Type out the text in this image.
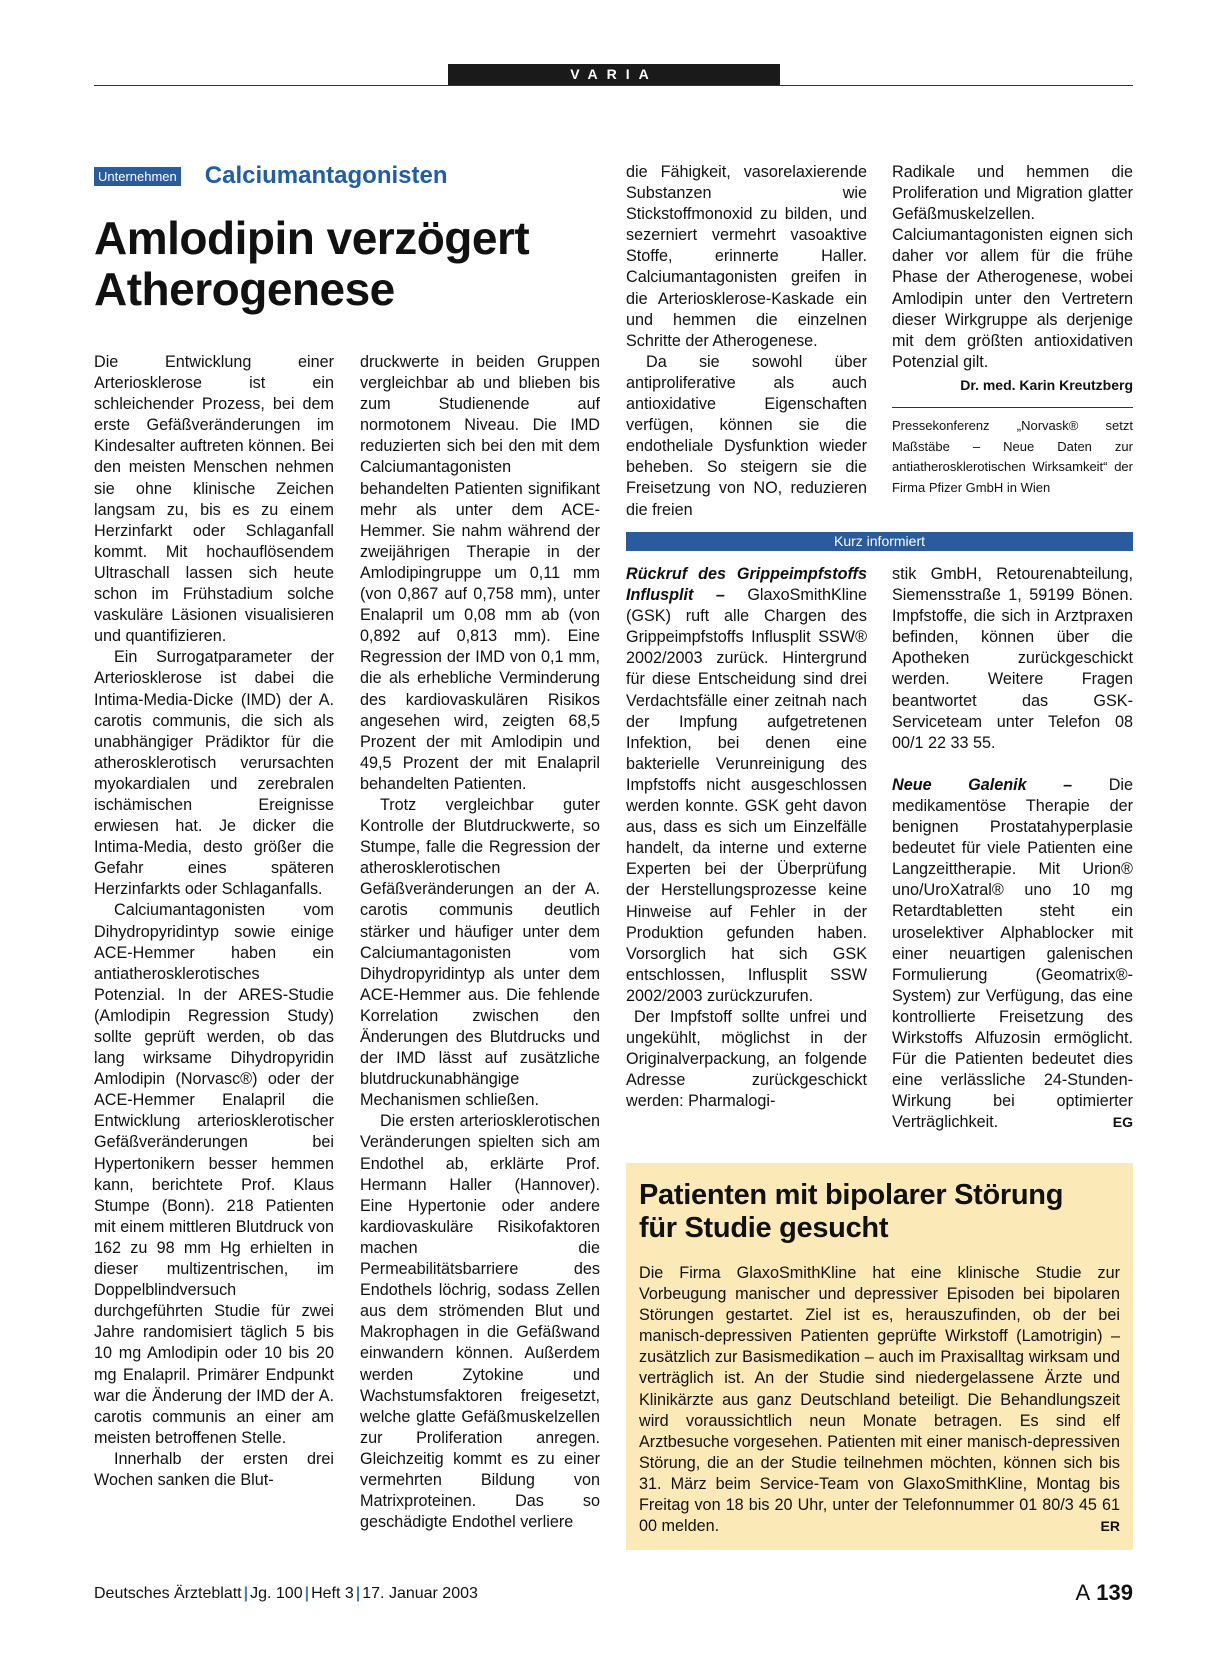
VARIA
Unternehmen Calciumantagonisten
Amlodipin verzögert
Atherogenese

Die Entwicklung einer Arteriosklerose ist ein schleichender Prozess, bei dem erste Gefäßveränderungen im Kindesalter auftreten können. Bei den meisten Menschen nehmen sie ohne klinische Zeichen langsam zu, bis es zu einem Herzinfarkt oder Schlaganfall kommt. Mit hochauflösendem Ultraschall lassen sich heute schon im Frühstadium solche vaskuläre Läsionen visualisieren und quantifizieren.

Ein Surrogatparameter der Arteriosklerose ist dabei die Intima-Media-Dicke (IMD) der A. carotis communis, die sich als unabhängiger Prädiktor für die atherosklerotisch verursachten myokardialen und zerebralen ischämischen Ereignisse erwiesen hat. Je dicker die Intima-Media, desto größer die Gefahr eines späteren Herzinfarkts oder Schlaganfalls.

Calciumantagonisten vom Dihydropyridintyp sowie einige ACE-Hemmer haben ein antiatherosklerotisches Potenzial. In der ARES-Studie (Amlodipin Regression Study) sollte geprüft werden, ob das lang wirksame Dihydropyridin Amlodipin (Norvasc®) oder der ACE-Hemmer Enalapril die Entwicklung arteriosklerotischer Gefäßveränderungen bei Hypertonikern besser hemmen kann, berichtete Prof. Klaus Stumpe (Bonn). 218 Patienten mit einem mittleren Blutdruck von 162 zu 98 mm Hg erhielten in dieser multizentrischen, im Doppelblindversuch durchgeführten Studie für zwei Jahre randomisiert täglich 5 bis 10 mg Amlodipin oder 10 bis 20 mg Enalapril. Primärer Endpunkt war die Änderung der IMD der A. carotis communis an einer am meisten betroffenen Stelle.

Innerhalb der ersten drei Wochen sanken die Blut-

druckwerte in beiden Gruppen vergleichbar ab und blieben bis zum Studienende auf normotonem Niveau. Die IMD reduzierten sich bei den mit dem Calciumantagonisten behandelten Patienten signifikant mehr als unter dem ACE-Hemmer. Sie nahm während der zweijährigen Therapie in der Amlodipingruppe um 0,11 mm (von 0,867 auf 0,758 mm), unter Enalapril um 0,08 mm ab (von 0,892 auf 0,813 mm). Eine Regression der IMD von 0,1 mm, die als erhebliche Verminderung des kardiovaskulären Risikos angesehen wird, zeigten 68,5 Prozent der mit Amlodipin und 49,5 Prozent der mit Enalapril behandelten Patienten.

Trotz vergleichbar guter Kontrolle der Blutdruckwerte, so Stumpe, falle die Regression der atherosklerotischen Gefäßveränderungen an der A. carotis communis deutlich stärker und häufiger unter dem Calciumantagonisten vom Dihydropyridintyp als unter dem ACE-Hemmer aus. Die fehlende Korrelation zwischen den Änderungen des Blutdrucks und der IMD lässt auf zusätzliche blutdruckunabhängige Mechanismen schließen.

Die ersten arteriosklerotischen Veränderungen spielten sich am Endothel ab, erklärte Prof. Hermann Haller (Hannover). Eine Hypertonie oder andere kardiovaskuläre Risikofaktoren machen die Permeabilitätsbarriere des Endothels löchrig, sodass Zellen aus dem strömenden Blut und Makrophagen in die Gefäßwand einwandern können. Außerdem werden Zytokine und Wachstumsfaktoren freigesetzt, welche glatte Gefäßmuskelzellen zur Proliferation anregen. Gleichzeitig kommt es zu einer vermehrten Bildung von Matrixproteinen. Das so geschädigte Endothel verliere

die Fähigkeit, vasorelaxierende Substanzen wie Stickstoffmonoxid zu bilden, und sezerniert vermehrt vasoaktive Stoffe, erinnerte Haller. Calciumantagonisten greifen in die Arteriosklerose-Kaskade ein und hemmen die einzelnen Schritte der Atherogenese.

Da sie sowohl über antiproliferative als auch antioxidative Eigenschaften verfügen, können sie die endotheliale Dysfunktion wieder beheben. So steigern sie die Freisetzung von NO, reduzieren die freien

Radikale und hemmen die Proliferation und Migration glatter Gefäßmuskelzellen. Calciumantagonisten eignen sich daher vor allem für die frühe Phase der Atherogenese, wobei Amlodipin unter den Vertretern dieser Wirkgruppe als derjenige mit dem größten antioxidativen Potenzial gilt.

Dr. med. Karin Kreutzberg
Pressekonferenz „Norvask® setzt Maßstäbe – Neue Daten zur antiatherosklerotischen Wirksamkeit“ der Firma Pfizer GmbH in Wien
Kurz informiert

Rückruf des Grippeimpfstoffs Influsplit – GlaxoSmithKline (GSK) ruft alle Chargen des Grippeimpfstoffs Influsplit SSW® 2002/2003 zurück. Hintergrund für diese Entscheidung sind drei Verdachtsfälle einer zeitnah nach der Impfung aufgetretenen Infektion, bei denen eine bakterielle Verunreinigung des Impfstoffs nicht ausgeschlossen werden konnte. GSK geht davon aus, dass es sich um Einzelfälle handelt, da interne und externe Experten bei der Überprüfung der Herstellungsprozesse keine Hinweise auf Fehler in der Produktion gefunden haben. Vorsorglich hat sich GSK entschlossen, Influsplit SSW 2002/2003 zurückzurufen.

Der Impfstoff sollte unfrei und ungekühlt, möglichst in der Originalverpackung, an folgende Adresse zurückgeschickt werden: Pharmalogi-

stik GmbH, Retourenabteilung, Siemensstraße 1, 59199 Bönen. Impfstoffe, die sich in Arztpraxen befinden, können über die Apotheken zurückgeschickt werden. Weitere Fragen beantwortet das GSK-Serviceteam unter Telefon 08 00/1 22 33 55.

Neue Galenik – Die medikamentöse Therapie der benignen Prostatahyperplasie bedeutet für viele Patienten eine Langzeittherapie. Mit Urion® uno/UroXatral® uno 10 mg Retardtabletten steht ein uroselektiver Alphablocker mit einer neuartigen galenischen Formulierung (Geomatrix®-System) zur Verfügung, das eine kontrollierte Freisetzung des Wirkstoffs Alfuzosin ermöglicht. Für die Patienten bedeutet dies eine verlässliche 24-Stunden-Wirkung bei optimierter Verträglichkeit.	EG

Patienten mit bipolarer Störung
für Studie gesucht
Die Firma GlaxoSmithKline hat eine klinische Studie zur Vorbeugung manischer und depressiver Episoden bei bipolaren Störungen gestartet. Ziel ist es, herauszufinden, ob der bei manisch-depressiven Patienten geprüfte Wirkstoff (Lamotrigin) – zusätzlich zur Basismedikation – auch im Praxisalltag wirksam und verträglich ist. An der Studie sind niedergelassene Ärzte und Klinikärzte aus ganz Deutschland beteiligt. Die Behandlungszeit wird voraussichtlich neun Monate betragen. Es sind elf Arztbesuche vorgesehen. Patienten mit einer manisch-depressiven Störung, die an der Studie teilnehmen möchten, können sich bis 31. März beim Service-Team von GlaxoSmithKline, Montag bis Freitag von 18 bis 20 Uhr, unter der Telefonnummer 01 80/3 45 61 00 melden.	ER
Deutsches Ärzteblatt | Jg. 100 | Heft 3 | 17. Januar 2003	A 139
